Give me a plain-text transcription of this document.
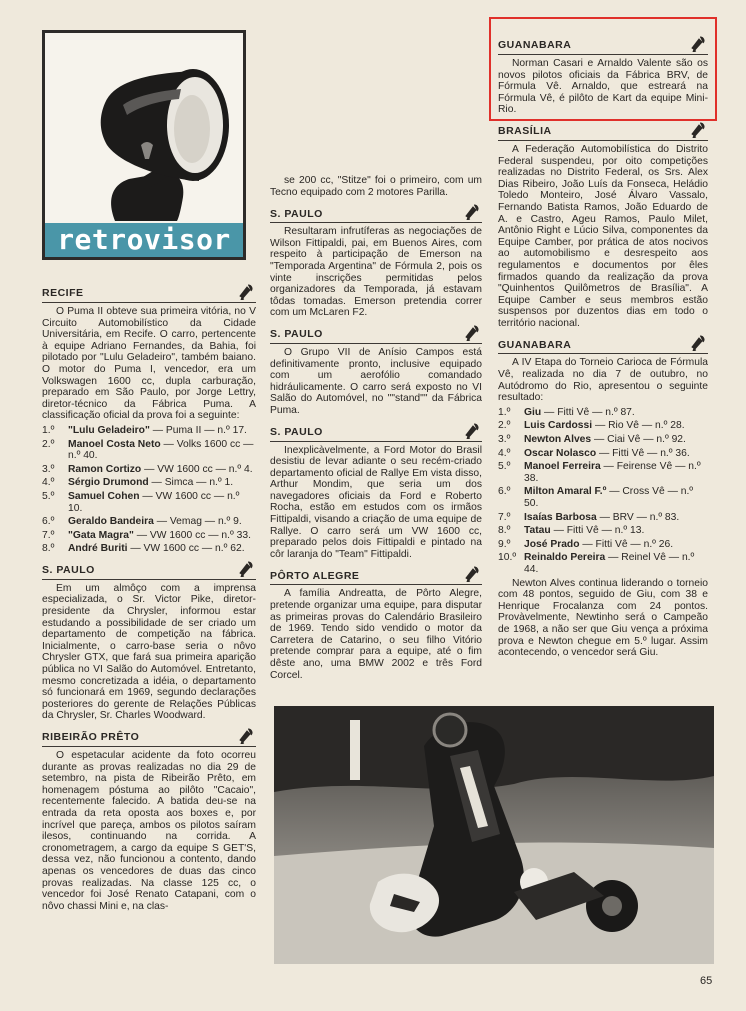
retrovisor
RECIFE

O Puma II obteve sua primeira vitória, no V Circuito Automobilístico da Cidade Universitária, em Recife. O carro, pertencente à equipe Adriano Fernandes, da Bahia, foi pilotado por "Lulu Geladeiro", também baiano. O motor do Puma I, vencedor, era um Volkswagen 1600 cc, dupla carburação, preparado em São Paulo, por Jorge Lettry, diretor-técnico da Fábrica Puma. A classificação oficial da prova foi a seguinte:

1.º "Lulu Geladeiro" — Puma II — n.º 17.
2.º Manoel Costa Neto — Volks 1600 cc — n.º 40.
3.º Ramon Cortizo — VW 1600 cc — n.º 4.
4.º Sérgio Drumond — Simca — n.º 1.
5.º Samuel Cohen — VW 1600 cc — n.º 10.
6.º Geraldo Bandeira — Vemag — n.º 9.
7.º "Gata Magra" — VW 1600 cc — n.º 33.
8.º André Buriti — VW 1600 cc — n.º 62.
S. PAULO

Em um almôço com a imprensa especializada, o Sr. Victor Pike, diretor-presidente da Chrysler, informou estar estudando a possibilidade de ser criado um departamento de competição na fábrica. Inicialmente, o carro-base seria o nôvo Chrysler GTX, que fará sua primeira aparição pública no VI Salão do Automóvel. Entretanto, mesmo concretizada a idéia, o departamento só funcionará em 1969, segundo declarações posteriores do gerente de Relações Públicas da Chrysler, Sr. Charles Woodward.

RIBEIRÃO PRÊTO

O espetacular acidente da foto ocorreu durante as provas realizadas no dia 29 de setembro, na pista de Ribeirão Prêto, em homenagem póstuma ao pilôto "Cacaio", recentemente falecido. A batida deu-se na entrada da reta oposta aos boxes e, por incrível que pareça, ambos os pilotos saíram ilesos, continuando na corrida. A cronometragem, a cargo da equipe S GET'S, dessa vez, não funcionou a contento, dando apenas os vencedores de duas das cinco provas realizadas. Na classe 125 cc, o vencedor foi José Renato Catapani, com o nôvo chassi Mini e, na clas-

se 200 cc, "Stitze" foi o primeiro, com um Tecno equipado com 2 motores Parilla.

S. PAULO

Resultaram infrutíferas as negociações de Wilson Fittipaldi, pai, em Buenos Aires, com respeito à participação de Emerson na "Temporada Argentina" de Fórmula 2, pois os vinte inscrições permitidas pelos organizadores da Temporada, já estavam tôdas tomadas. Emerson pretendia correr com um McLaren F2.

S. PAULO

O Grupo VII de Anísio Campos está definitivamente pronto, inclusive equipado com um aerofólio comandado hidráulicamente. O carro será exposto no VI Salão do Automóvel, no ""stand"" da Fábrica Puma.

S. PAULO

Inexplicàvelmente, a Ford Motor do Brasil desistiu de levar adiante o seu recém-criado departamento oficial de Rallye Em vista disso, Arthur Mondim, que seria um dos navegadores oficiais da Ford e Roberto Rocha, estão em estudos com os irmãos Fittipaldi, visando a criação de uma equipe de Rallye. O carro será um VW 1600 cc, preparado pelos dois Fittipaldi e pintado na côr laranja do "Team" Fittipaldi.

PÔRTO ALEGRE

A família Andreatta, de Pôrto Alegre, pretende organizar uma equipe, para disputar as primeiras provas do Calendário Brasileiro de 1969. Tendo sido vendido o motor da Carretera de Catarino, o seu filho Vitório pretende comprar para a equipe, até o fim dêste ano, uma BMW 2002 e três Ford Corcel.

GUANABARA

Norman Casari e Arnaldo Valente são os novos pilotos oficiais da Fábrica BRV, de Fórmula Vê. Arnaldo, que estreará na Fórmula Vê, é pilôto de Kart da equipe Mini-Rio.

BRASÍLIA

A Federação Automobilística do Distrito Federal suspendeu, por oito competições realizadas no Distrito Federal, os Srs. Alex Dias Ribeiro, João Luís da Fonseca, Heládio Toledo Monteiro, José Álvaro Vassalo, Fernando Batista Ramos, João Eduardo de A. e Castro, Ageu Ramos, Paulo Milet, Antônio Right e Lúcio Silva, componentes da Equipe Camber, por prática de atos nocivos ao automobilismo e desrespeito aos regulamentos e documentos por êles firmados quando da realização da prova "Quinhentos Quilômetros de Brasília". A Equipe Camber e seus membros estão suspensos por duzentos dias em todo o território nacional.

GUANABARA

A IV Etapa do Torneio Carioca de Fórmula Vê, realizada no dia 7 de outubro, no Autódromo do Rio, apresentou o seguinte resultado:

1.º Giu — Fitti Vê — n.º 87.
2.º Luis Cardossi — Rio Vê — n.º 28.
3.º Newton Alves — Ciai Vê — n.º 92.
4.º Oscar Nolasco — Fitti Vê — n.º 36.
5.º Manoel Ferreira — Feirense Vê — n.º 38.
6.º Milton Amaral F.º — Cross Vê — n.º 50.
7.º Isaías Barbosa — BRV — n.º 83.
8.º Tatau — Fitti Vê — n.º 13.
9.º José Prado — Fitti Vê — n.º 26.
10.º Reinaldo Pereira — Reinel Vê — n.º 44.

Newton Alves continua liderando o torneio com 48 pontos, seguido de Giu, com 38 e Henrique Frocalanza com 24 pontos. Provàvelmente, Newtinho será o Campeão de 1968, a não ser que Giu vença a próxima prova e Newton chegue em 5.º lugar. Assim acontecendo, o vencedor será Giu.

65
